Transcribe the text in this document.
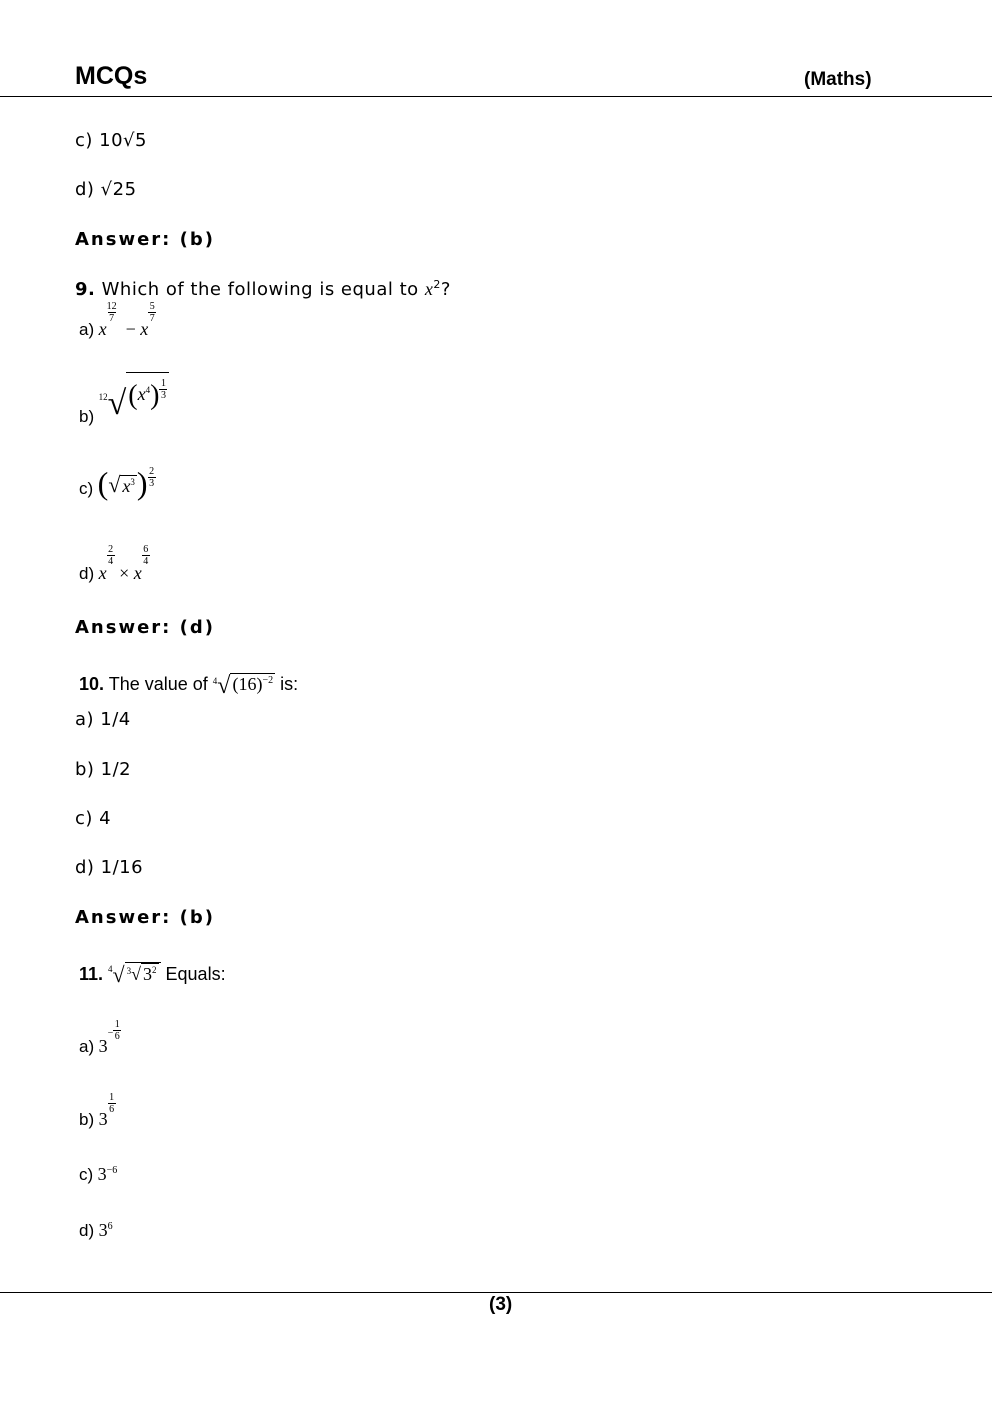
MCQs	(Maths)
c) 10√5
d) √25
Answer: (b)
9. Which of the following is equal to $x^2$?
a) x
$\frac{12}{7}$
− x
$\frac{5}{7}$
b) $12√(x^4) \frac{1}{3}$
c) (√ $x^3) \frac{2}{3}$
d) x
$\frac{2}{4}$
× x
$\frac{6}{4}$
Answer: (d)
10. The value of $^4$√ $(16)^{-2}$ is:
a) 1/4
b) 1/2
c) 4
d) 1/16
Answer: (b)
11. $^4$√ $^3$√ $3^2$ Equals:
a) $3- \frac{1}{6}$
b) 3
$\frac{1}{6}$
c) $3^{-6}$
d) $3^6$
(3)
